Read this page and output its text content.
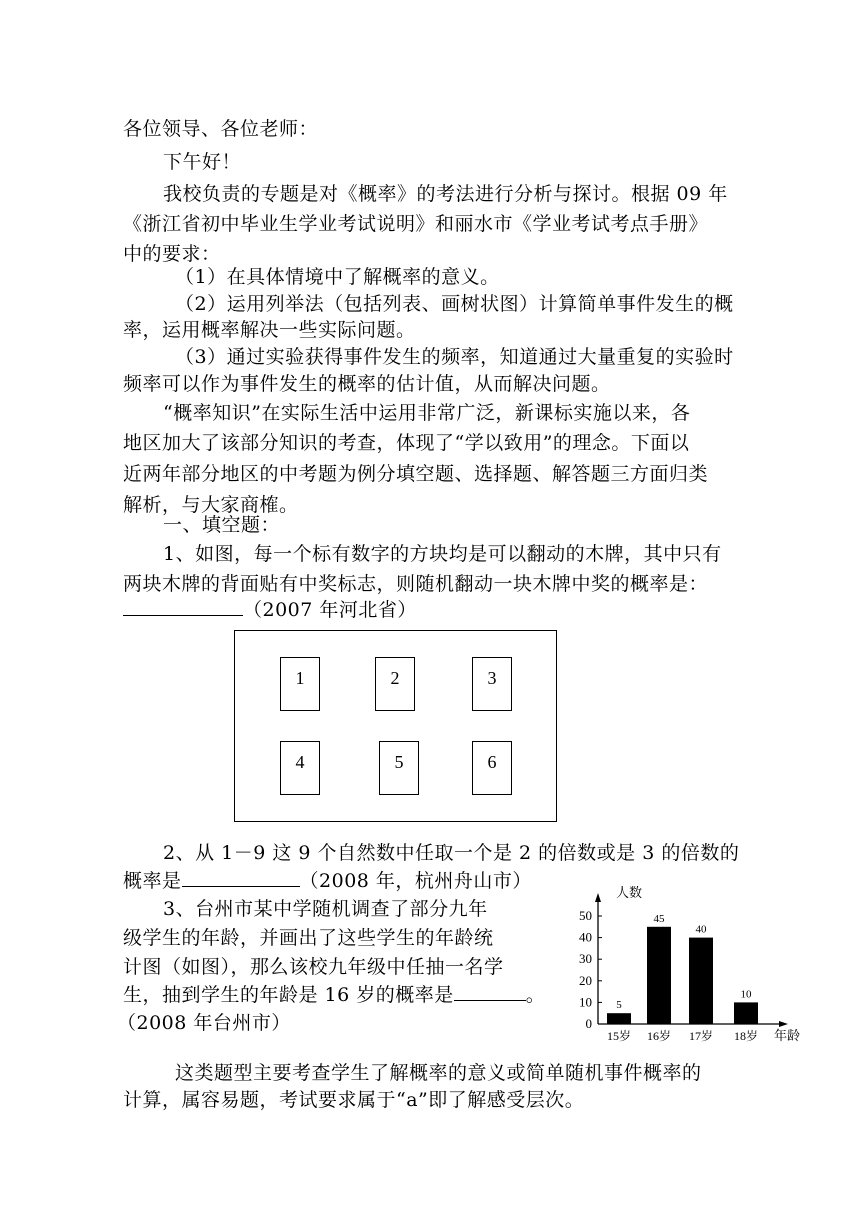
各位领导、各位老师：
下午好！
我校负责的专题是对《概率》的考法进行分析与探讨。根据 09 年
《浙江省初中毕业生学业考试说明》和丽水市《学业考试考点手册》
中的要求：
（1）在具体情境中了解概率的意义。
（2）运用列举法（包括列表、画树状图）计算简单事件发生的概
率，运用概率解决一些实际问题。
（3）通过实验获得事件发生的频率，知道通过大量重复的实验时
频率可以作为事件发生的概率的估计值，从而解决问题。
“概率知识”在实际生活中运用非常广泛，新课标实施以来，各
地区加大了该部分知识的考查，体现了“学以致用”的理念。下面以
近两年部分地区的中考题为例分填空题、选择题、解答题三方面归类
解析，与大家商榷。
一、填空题：
1、如图，每一个标有数字的方块均是可以翻动的木牌，其中只有
两块木牌的背面贴有中奖标志，则随机翻动一块木牌中奖的概率是：
（2007 年河北省）
1	2	3
4	5	6
2、从 1－9 这 9 个自然数中任取一个是 2 的倍数或是 3 的倍数的
概率是	（2008 年，杭州舟山市）
3、台州市某中学随机调查了部分九年
级学生的年龄，并画出了这些学生的年龄统
计图（如图），那么该校九年级中任抽一名学
生，抽到学生的年龄是 16 岁的概率是	。
（2008 年台州市）
人数
0
10
20
30
40
50
5
15岁
45
16岁
40
17岁
10
18岁 年龄
这类题型主要考查学生了解概率的意义或简单随机事件概率的
计算，属容易题，考试要求属于“a”即了解感受层次。
